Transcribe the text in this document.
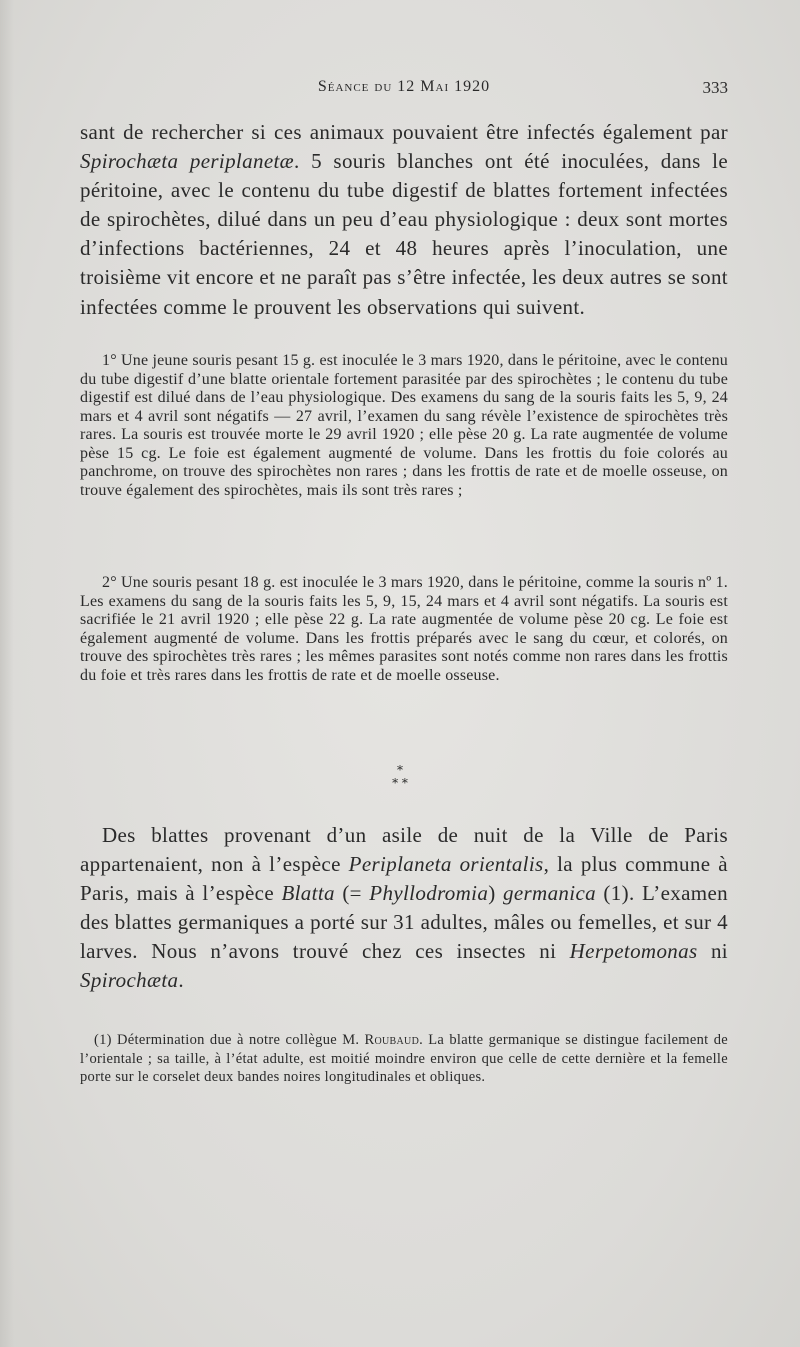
Séance du 12 Mai 1920	333

sant de rechercher si ces animaux pouvaient être infectés également par Spirochæta periplanetæ. 5 souris blanches ont été inoculées, dans le péritoine, avec le contenu du tube digestif de blattes fortement infectées de spirochètes, dilué dans un peu d’eau physiologique : deux sont mortes d’infections bactériennes, 24 et 48 heures après l’inoculation, une troisième vit encore et ne paraît pas s’être infectée, les deux autres se sont infectées comme le prouvent les observations qui suivent.

1° Une jeune souris pesant 15 g. est inoculée le 3 mars 1920, dans le péritoine, avec le contenu du tube digestif d’une blatte orientale fortement parasitée par des spirochètes ; le contenu du tube digestif est dilué dans de l’eau physiologique. Des examens du sang de la souris faits les 5, 9, 24 mars et 4 avril sont négatifs — 27 avril, l’examen du sang révèle l’existence de spirochètes très rares. La souris est trouvée morte le 29 avril 1920 ; elle pèse 20 g. La rate augmentée de volume pèse 15 cg. Le foie est également augmenté de volume. Dans les frottis du foie colorés au panchrome, on trouve des spirochètes non rares ; dans les frottis de rate et de moelle osseuse, on trouve également des spirochètes, mais ils sont très rares ;

2° Une souris pesant 18 g. est inoculée le 3 mars 1920, dans le péritoine, comme la souris nº 1. Les examens du sang de la souris faits les 5, 9, 15, 24 mars et 4 avril sont négatifs. La souris est sacrifiée le 21 avril 1920 ; elle pèse 22 g. La rate augmentée de volume pèse 20 cg. Le foie est également augmenté de volume. Dans les frottis préparés avec le sang du cœur, et colorés, on trouve des spirochètes très rares ; les mêmes parasites sont notés comme non rares dans les frottis du foie et très rares dans les frottis de rate et de moelle osseuse.

*
* *

Des blattes provenant d’un asile de nuit de la Ville de Paris appartenaient, non à l’espèce Periplaneta orientalis, la plus commune à Paris, mais à l’espèce Blatta (= Phyllodromia) germanica (1). L’examen des blattes germaniques a porté sur 31 adultes, mâles ou femelles, et sur 4 larves. Nous n’avons trouvé chez ces insectes ni Herpetomonas ni Spirochæta.

(1) Détermination due à notre collègue M. Roubaud. La blatte germanique se distingue facilement de l’orientale ; sa taille, à l’état adulte, est moitié moindre environ que celle de cette dernière et la femelle porte sur le corselet deux bandes noires longitudinales et obliques.
